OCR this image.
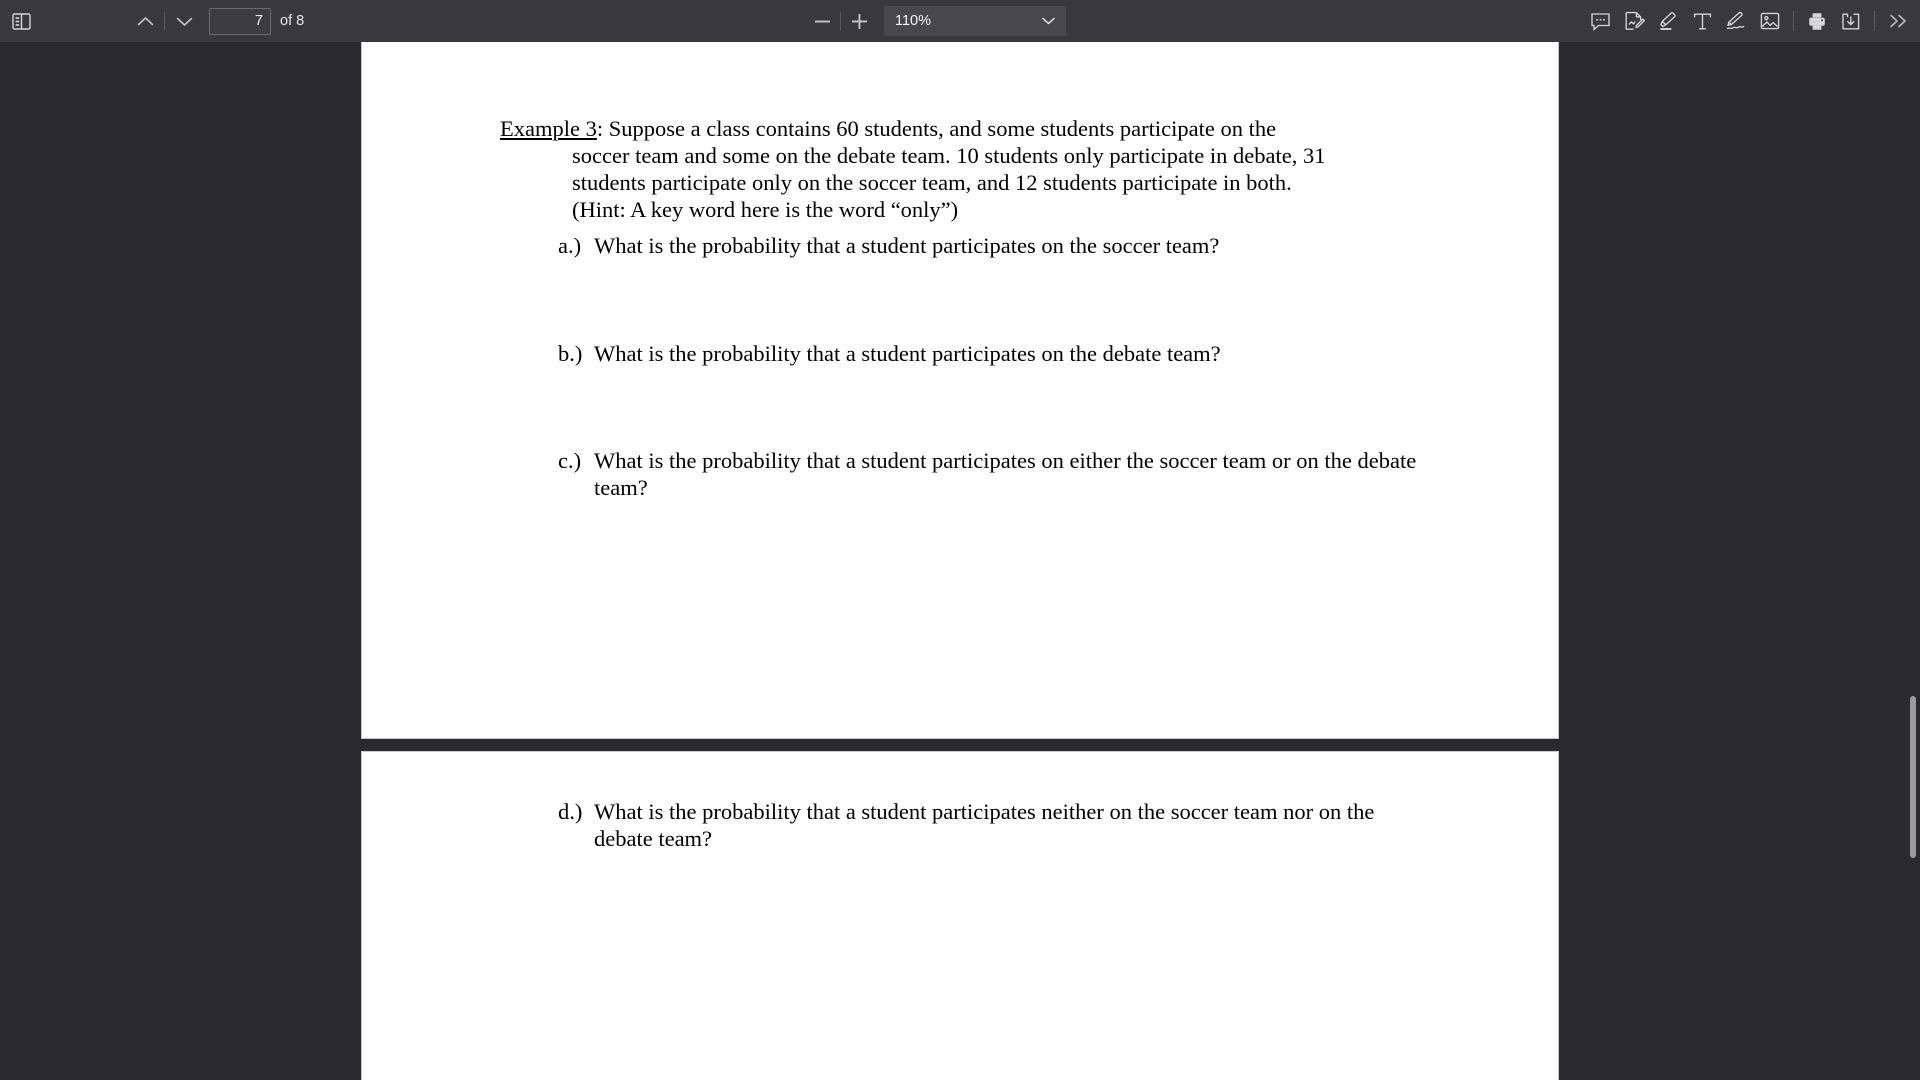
7
of 8	110%
Example 3: Suppose a class contains 60 students, and some students participate on the
soccer team and some on the debate team. 10 students only participate in debate, 31
students participate only on the soccer team, and 12 students participate in both.
(Hint: A key word here is the word “only”)
a.) What is the probability that a student participates on the soccer team?
b.) What is the probability that a student participates on the debate team?
c.) What is the probability that a student participates on either the soccer team or on the debate team?
d.) What is the probability that a student participates neither on the soccer team nor on the debate team?
